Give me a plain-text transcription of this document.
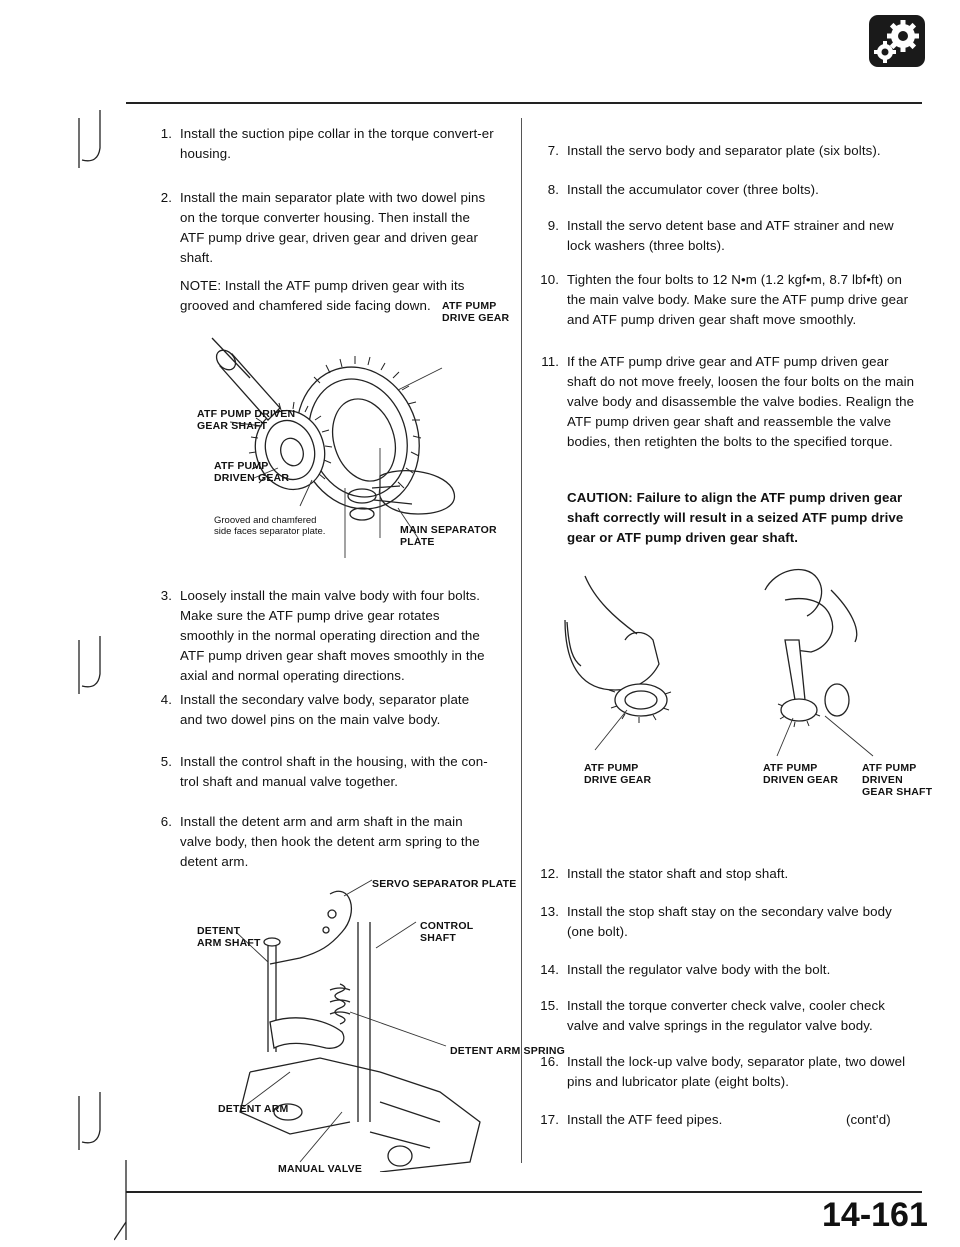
1. Install the suction pipe collar in the torque convert-er housing.

2. Install the main separator plate with two dowel pins on the torque converter housing. Then install the ATF pump drive gear, driven gear and driven gear shaft.

NOTE: Install the ATF pump driven gear with its grooved and chamfered side facing down.	ATF PUMP DRIVE GEAR
ATF PUMP DRIVEN GEAR SHAFT
ATF PUMP DRIVEN GEAR
Grooved and chamfered side faces separator plate.	MAIN SEPARATOR PLATE
3. Loosely install the main valve body with four bolts. Make sure the ATF pump drive gear rotates smoothly in the normal operating direction and the ATF pump driven gear shaft moves smoothly in the axial and normal operating directions.

4. Install the secondary valve body, separator plate and two dowel pins on the main valve body.

5. Install the control shaft in the housing, with the con-trol shaft and manual valve together.

6. Install the detent arm and arm shaft in the main valve body, then hook the detent arm spring to the detent arm.

SERVO SEPARATOR PLATE
DETENT ARM SHAFT
CONTROL SHAFT
DETENT ARM SPRING
DETENT ARM
MANUAL VALVE
7. Install the servo body and separator plate (six bolts).

8. Install the accumulator cover (three bolts).

9. Install the servo detent base and ATF strainer and new lock washers (three bolts).

10. Tighten the four bolts to 12 N•m (1.2 kgf•m, 8.7 lbf•ft) on the main valve body. Make sure the ATF pump drive gear and ATF pump driven gear shaft move smoothly.

11. If the ATF pump drive gear and ATF pump driven gear shaft do not move freely, loosen the four bolts on the main valve body and disassemble the valve bodies. Realign the ATF pump driven gear shaft and reassemble the valve bodies, then retighten the bolts to the specified torque.

CAUTION: Failure to align the ATF pump driven gear shaft correctly will result in a seized ATF pump drive gear or ATF pump driven gear shaft.

ATF PUMP DRIVE GEAR
ATF PUMP DRIVEN GEAR
ATF PUMP DRIVEN GEAR SHAFT
12. Install the stator shaft and stop shaft.

13. Install the stop shaft stay on the secondary valve body (one bolt).

14. Install the regulator valve body with the bolt.

15. Install the torque converter check valve, cooler check valve and valve springs in the regulator valve body.

16. Install the lock-up valve body, separator plate, two dowel pins and lubricator plate (eight bolts).

17. Install the ATF feed pipes.	(cont'd)
14-161
